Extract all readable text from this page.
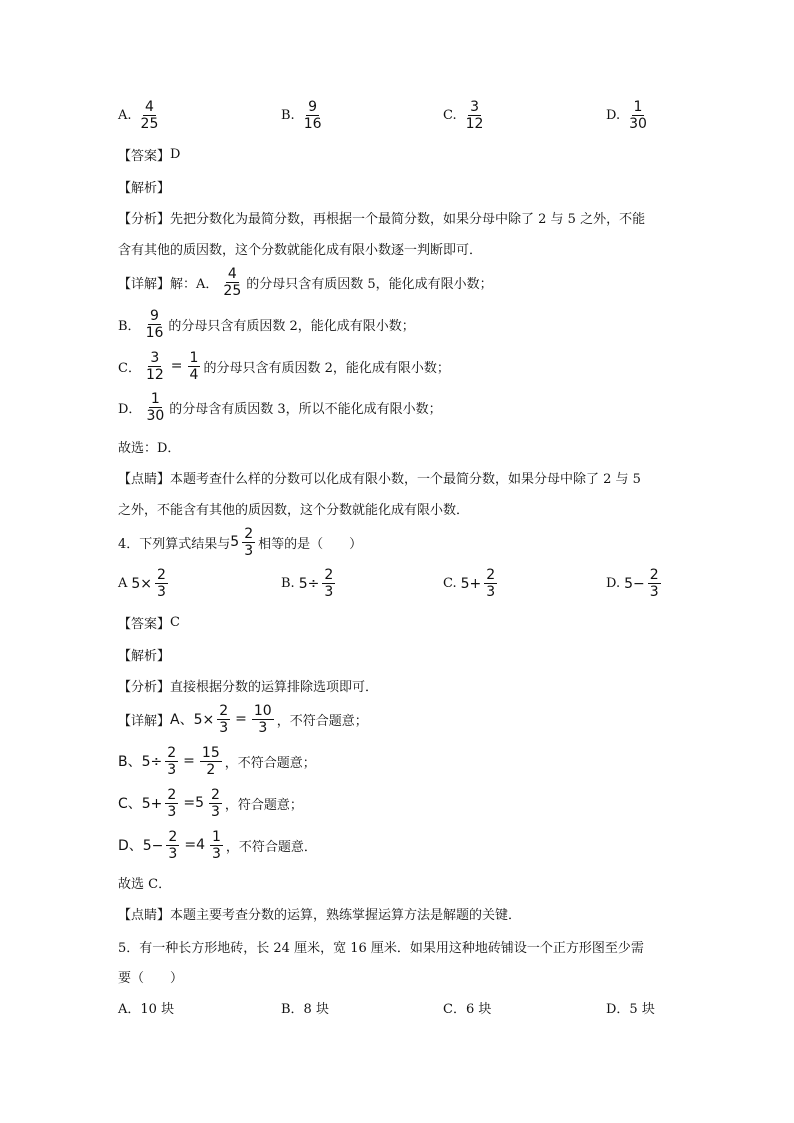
A. $\frac{4}{25}$	B. $\frac{9}{16}$	C. $\frac{3}{12}$	D. $\frac{1}{30}$
【答案】 D
【解析】
【分析】 先把分数化为最简分数，再根据一个最简分数，如果分母中除了 2 与 5 之外，不能
含有其他的质因数，这个分数就能化成有限小数逐一判断即可．
【详解】 解：A． $\frac{4}{25}$ 的分母只含有质因数 5，能化成有限小数；
B． $\frac{9}{16}$ 的分母只含有质因数 2，能化成有限小数；
C． $\frac{3}{12} = \frac{1}{4}$ 的分母只含有质因数 2，能化成有限小数；
D． $\frac{1}{30}$ 的分母含有质因数 3，所以不能化成有限小数；
故选：D．
【点睛】 本题考查什么样的分数可以化成有限小数，一个最简分数，如果分母中除了 2 与 5
之外，不能含有其他的质因数，这个分数就能化成有限小数．
4．下列算式结果与 $5 \frac{2}{3}$ 相等的是（　　）
A $5\times \frac{2}{3}$	B. $5\div \frac{2}{3}$	C. $5+ \frac{2}{3}$	D. $5- \frac{2}{3}$
【答案】 C
【解析】
【分析】 直接根据分数的运算排除选项即可．
【详解】 A、$5\times \frac{2}{3} = \frac{10}{3}$ ，不符合题意；
B、$5\div \frac{2}{3} = \frac{15}{2}$ ，不符合题意；
C、$5+ \frac{2}{3} =5 \frac{2}{3}$ ，符合题意；
D、$5- \frac{2}{3} =4 \frac{1}{3}$ ，不符合题意．
故选 C．
【点睛】 本题主要考查分数的运算，熟练掌握运算方法是解题的关键．
5．有一种长方形地砖，长 24 厘米，宽 16 厘米．如果用这种地砖铺设一个正方形图至少需
要（　　）
A．10 块	B．8 块	C．6 块	D．5 块
